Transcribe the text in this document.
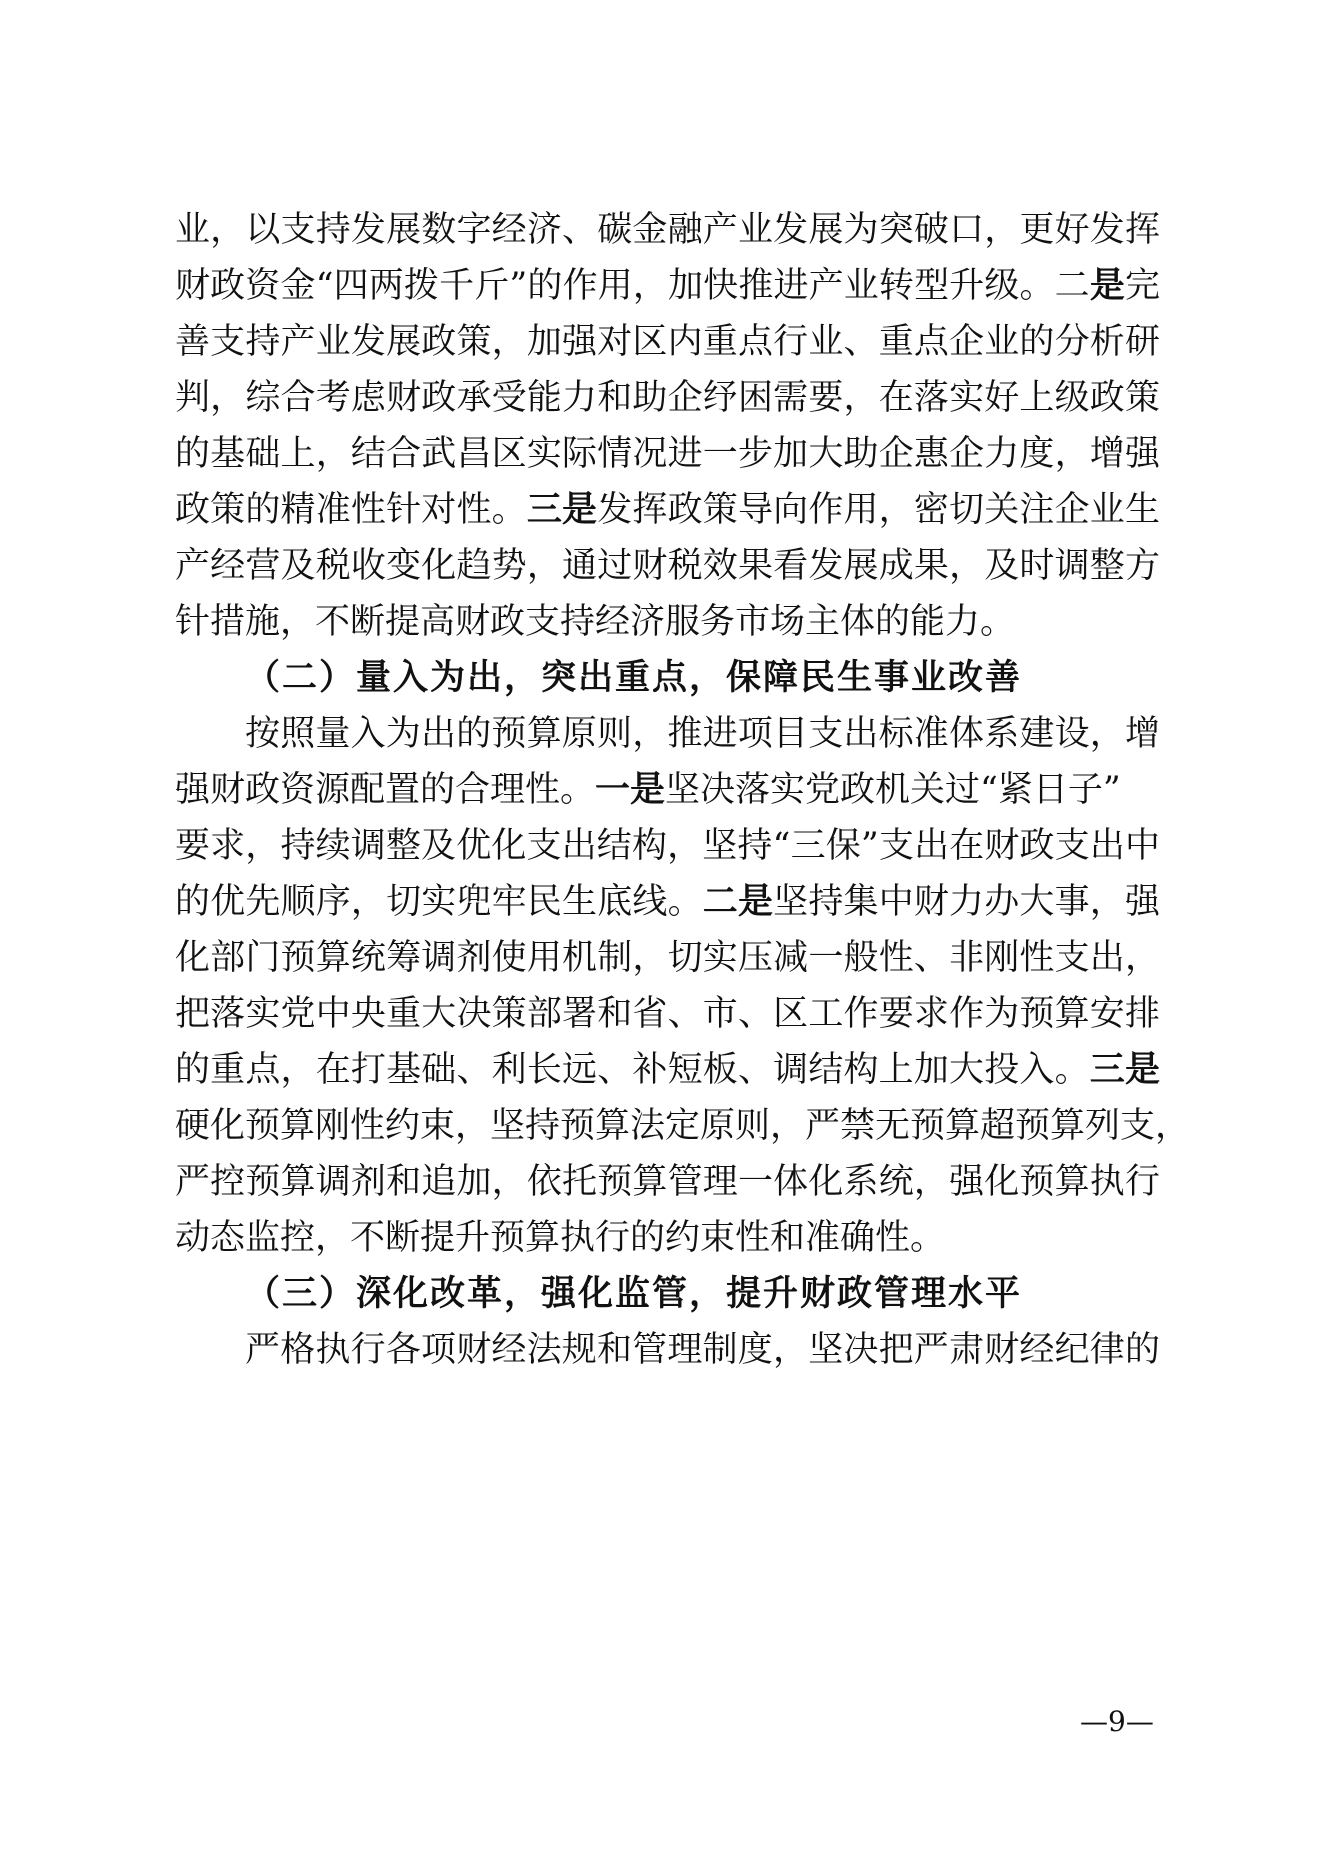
业，以支持发展数字经济、碳金融产业发展为突破口，更好发挥
财政资金“四两拨千斤”的作用，加快推进产业转型升级。二是完
善支持产业发展政策，加强对区内重点行业、重点企业的分析研
判，综合考虑财政承受能力和助企纾困需要，在落实好上级政策
的基础上，结合武昌区实际情况进一步加大助企惠企力度，增强
政策的精准性针对性。三是发挥政策导向作用，密切关注企业生
产经营及税收变化趋势，通过财税效果看发展成果，及时调整方
针措施，不断提高财政支持经济服务市场主体的能力。
（二）量入为出，突出重点，保障民生事业改善
按照量入为出的预算原则，推进项目支出标准体系建设，增
强财政资源配置的合理性。一是坚决落实党政机关过“紧日子”
要求，持续调整及优化支出结构，坚持“三保”支出在财政支出中
的优先顺序，切实兜牢民生底线。二是坚持集中财力办大事，强
化部门预算统筹调剂使用机制，切实压减一般性、非刚性支出，
把落实党中央重大决策部署和省、市、区工作要求作为预算安排
的重点，在打基础、利长远、补短板、调结构上加大投入。三是
硬化预算刚性约束，坚持预算法定原则，严禁无预算超预算列支，
严控预算调剂和追加，依托预算管理一体化系统，强化预算执行
动态监控，不断提升预算执行的约束性和准确性。
（三）深化改革，强化监管，提升财政管理水平
严格执行各项财经法规和管理制度，坚决把严肃财经纪律的
—9—
